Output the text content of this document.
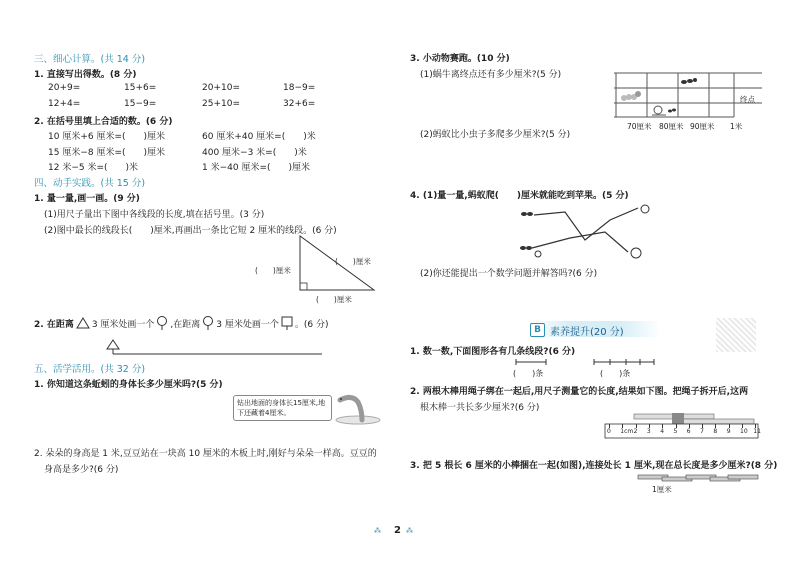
三、细心计算。(共 14 分)
1. 直接写出得数。(8 分)
20+9=	15+6=	20+10=	18−9=
12+4=	15−9=	25+10=	32+6=
2. 在括号里填上合适的数。(6 分)
10 厘米+6 厘米=(　　)厘米	60 厘米+40 厘米=(　　)米
15 厘米−8 厘米=(　　)厘米	400 厘米−3 米=(　　)米
12 米−5 米=(　　)米	1 米−40 厘米=(　　)厘米
四、动手实践。(共 15 分)
1. 量一量,画一画。(9 分)
(1)用尺子量出下图中各线段的长度,填在括号里。(3 分)
(2)图中最长的线段长(　　)厘米,再画出一条比它短 2 厘米的线段。(6 分)
(　　)厘米
(　　)厘米
(　　)厘米
2. 在距离 3 厘米处画一个 ,在距离 3 厘米处画一个 。(6 分)
五、活学活用。(共 32 分)
1. 你知道这条蚯蚓的身体长多少厘米吗?(5 分)
钻出地面的身体长15厘米,地下还藏着4厘米。
2. 朵朵的身高是 1 米,豆豆站在一块高 10 厘米的木板上时,刚好与朵朵一样高。豆豆的
身高是多少?(6 分)
3. 小动物赛跑。(10 分)
(1)蜗牛离终点还有多少厘米?(5 分)
(2)蚂蚁比小虫子多爬多少厘米?(5 分)
终点
70厘米 80厘米 90厘米 1米
4. (1)量一量,蚂蚁爬(　　)厘米就能吃到苹果。(5 分)
(2)你还能提出一个数学问题并解答吗?(6 分)
素养提升(20 分)
B
1. 数一数,下面图形各有几条线段?(6 分)
(　　)条	(　　)条
2. 两根木棒用绳子绑在一起后,用尺子测量它的长度,结果如下图。把绳子拆开后,这两
根木棒一共长多少厘米?(6 分)
0 1cm 2 3 4 5 6 7 8 9 10 11
3. 把 5 根长 6 厘米的小棒捆在一起(如图),连接处长 1 厘米,现在总长度是多少厘米?(8 分)
1厘米
⁂ 2 ⁂
